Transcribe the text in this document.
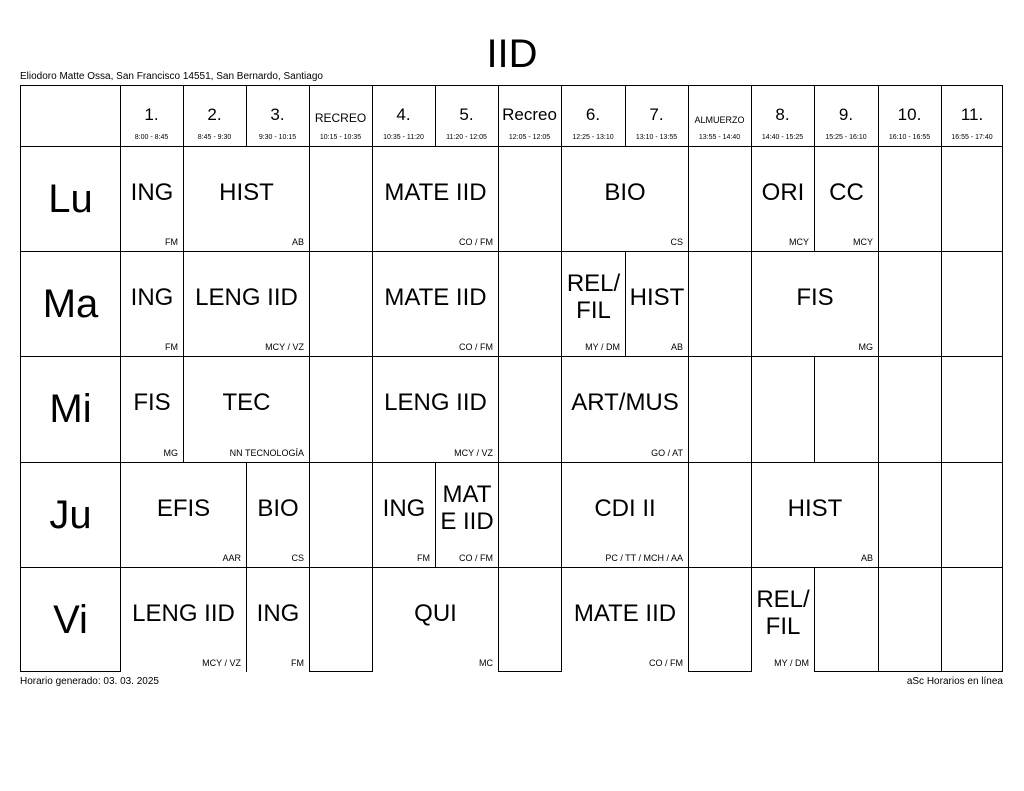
IID
Eliodoro Matte Ossa, San Francisco 14551, San Bernardo, Santiago
1.
8:00 - 8:45
2.
8:45 - 9:30
3.
9:30 - 10:15
RECREO
10:15 - 10:35
4.
10:35 - 11:20
5.
11:20 - 12:05
Recreo
12:05 - 12:05
6.
12:25 - 13:10
7.
13:10 - 13:55
ALMUERZO
13:55 - 14:40
8.
14:40 - 15:25
9.
15:25 - 16:10
10.
16:10 - 16:55
11.
16:55 - 17:40
Lu
Ma
Mi
Ju
Vi
ING
FM
HIST
AB
MATE IID
CO / FM
BIO
CS
ORI
MCY
CC
MCY
ING
FM
LENG IID
MCY / VZ
MATE IID
CO / FM
REL/FIL
MY / DM
HIST
AB
FIS
MG
FIS
MG
TEC
NN TECNOLOGÍA
LENG IID
MCY / VZ
ART/MUS
GO / AT
EFIS
AAR
BIO
CS
ING
FM
MATE IID
CO / FM
CDI II
PC / TT / MCH / AA
HIST
AB
LENG IID
MCY / VZ
ING
FM
QUI
MC
MATE IID
CO / FM
REL/FIL
MY / DM
Horario generado: 03. 03. 2025	aSc Horarios en línea
